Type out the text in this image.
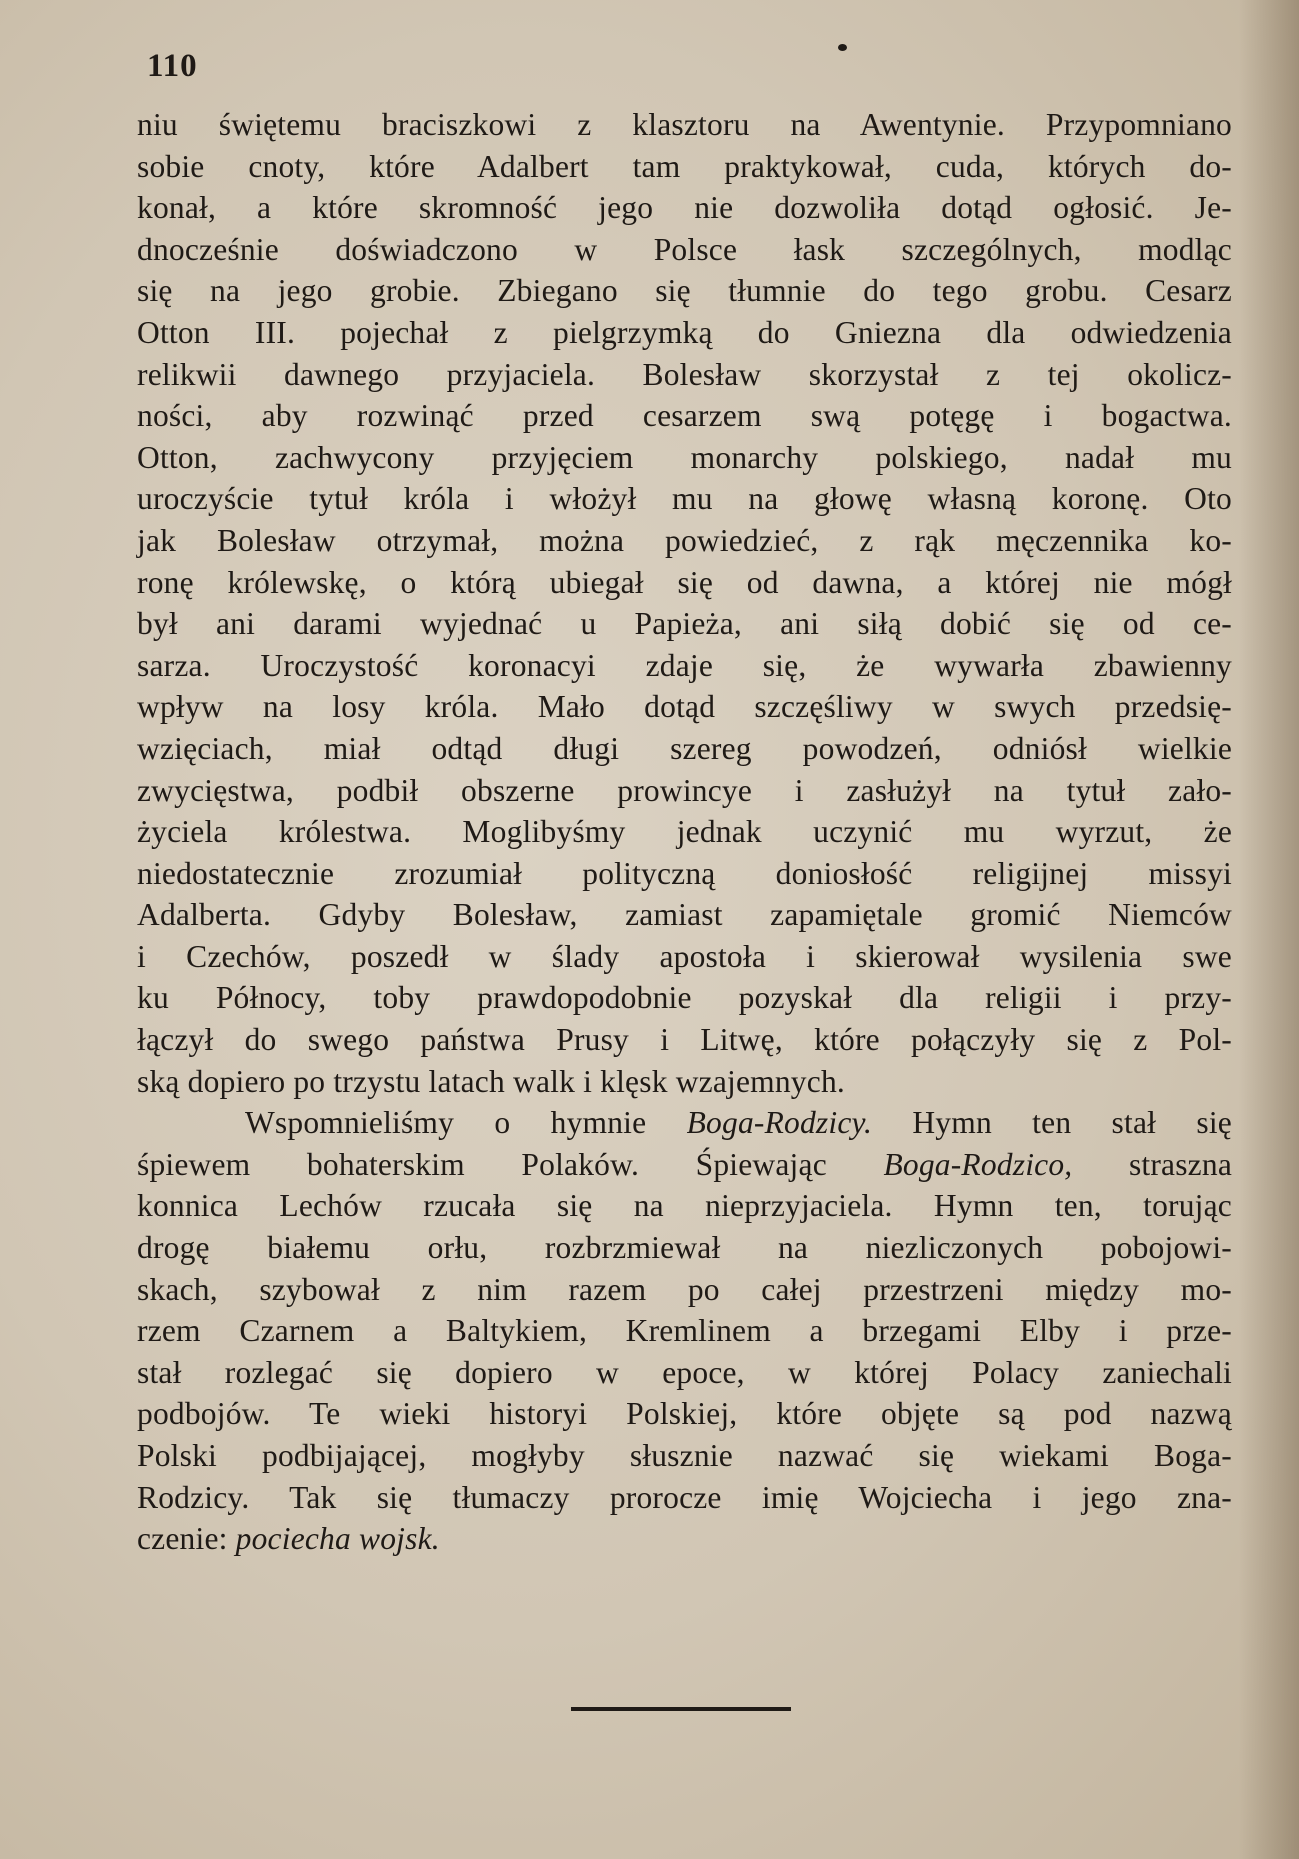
110
niu świętemu braciszkowi z klasztoru na Awentynie. Przypomniano
sobie cnoty, które Adalbert tam praktykował, cuda, których do-
konał, a które skromność jego nie dozwoliła dotąd ogłosić. Je-
dnocześnie doświadczono w Polsce łask szczególnych, modląc
się na jego grobie. Zbiegano się tłumnie do tego grobu. Cesarz
Otton III. pojechał z pielgrzymką do Gniezna dla odwiedzenia
relikwii dawnego przyjaciela. Bolesław skorzystał z tej okolicz-
ności, aby rozwinąć przed cesarzem swą potęgę i bogactwa.
Otton, zachwycony przyjęciem monarchy polskiego, nadał mu
uroczyście tytuł króla i włożył mu na głowę własną koronę. Oto
jak Bolesław otrzymał, można powiedzieć, z rąk męczennika ko-
ronę królewskę, o którą ubiegał się od dawna, a której nie mógł
był ani darami wyjednać u Papieża, ani siłą dobić się od ce-
sarza. Uroczystość koronacyi zdaje się, że wywarła zbawienny
wpływ na losy króla. Mało dotąd szczęśliwy w swych przedsię-
wzięciach, miał odtąd długi szereg powodzeń, odniósł wielkie
zwycięstwa, podbił obszerne prowincye i zasłużył na tytuł zało-
życiela królestwa. Moglibyśmy jednak uczynić mu wyrzut, że
niedostatecznie zrozumiał polityczną doniosłość religijnej missyi
Adalberta. Gdyby Bolesław, zamiast zapamiętale gromić Niemców
i Czechów, poszedł w ślady apostoła i skierował wysilenia swe
ku Północy, toby prawdopodobnie pozyskał dla religii i przy-
łączył do swego państwa Prusy i Litwę, które połączyły się z Pol-
ską dopiero po trzystu latach walk i klęsk wzajemnych.
Wspomnieliśmy o hymnie Boga-Rodzicy. Hymn ten stał się
śpiewem bohaterskim Polaków. Śpiewając Boga-Rodzico, straszna
konnica Lechów rzucała się na nieprzyjaciela. Hymn ten, torując
drogę białemu orłu, rozbrzmiewał na niezliczonych pobojowi-
skach, szybował z nim razem po całej przestrzeni między mo-
rzem Czarnem a Baltykiem, Kremlinem a brzegami Elby i prze-
stał rozlegać się dopiero w epoce, w której Polacy zaniechali
podbojów. Te wieki historyi Polskiej, które objęte są pod nazwą
Polski podbijającej, mogłyby słusznie nazwać się wiekami Boga-
Rodzicy. Tak się tłumaczy prorocze imię Wojciecha i jego zna-
czenie: pociecha wojsk.
